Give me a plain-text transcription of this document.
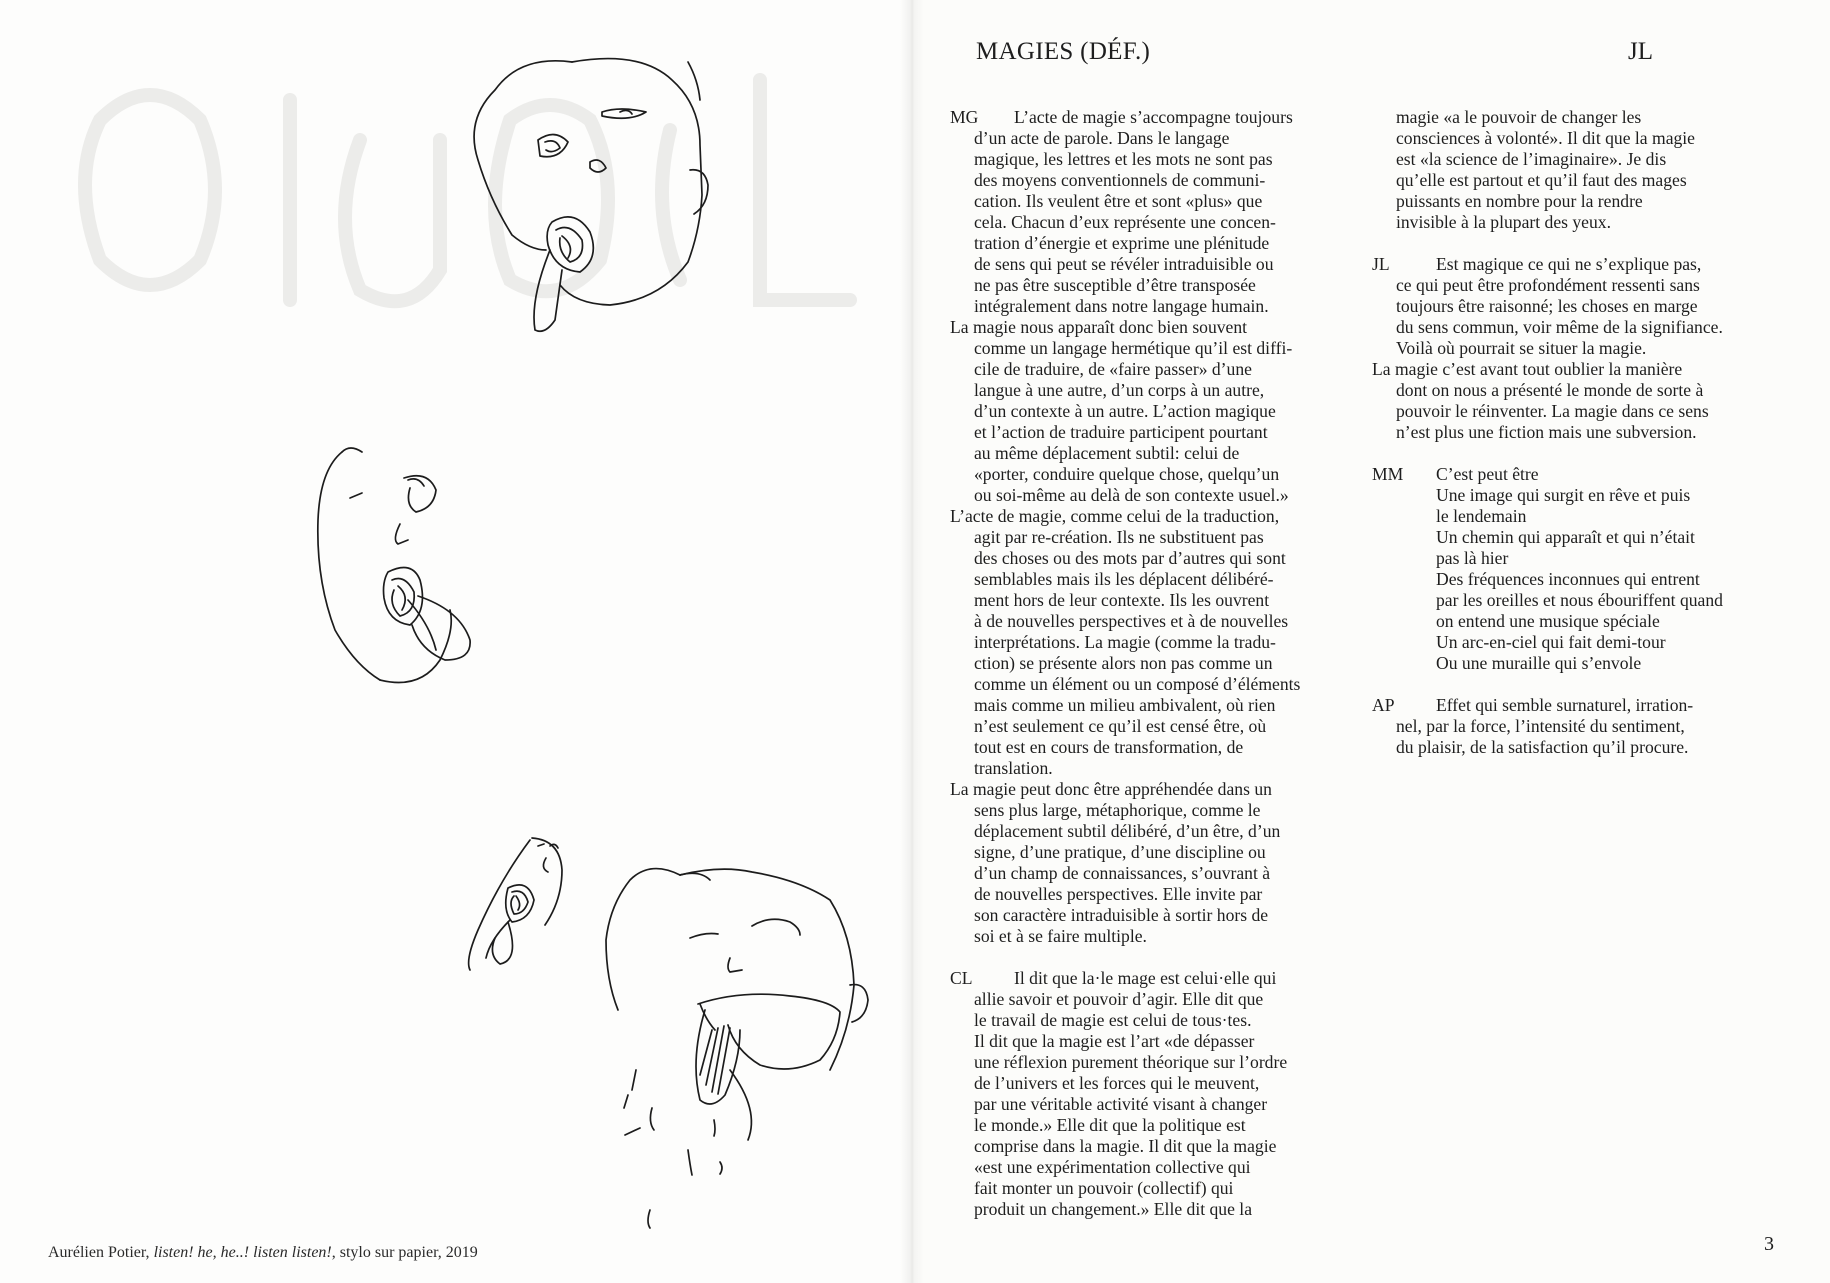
Aurélien Potier, listen! he, he..! listen listen!, stylo sur papier, 2019
MAGIES (DÉF.)	JL

MG L’acte de magie s’accompagne toujours
d’un acte de parole. Dans le langage
magique, les lettres et les mots ne sont pas
des moyens conventionnels de communi-
cation. Ils veulent être et sont «plus» que
cela. Chacun d’eux représente une concen-
tration d’énergie et exprime une plénitude
de sens qui peut se révéler intraduisible ou
ne pas être susceptible d’être transposée
intégralement dans notre langage humain.

La magie nous apparaît donc bien souvent
comme un langage hermétique qu’il est diffi-
cile de traduire, de «faire passer» d’une
langue à une autre, d’un corps à un autre,
d’un contexte à un autre. L’action magique
et l’action de traduire participent pourtant
au même déplacement subtil: celui de
«porter, conduire quelque chose, quelqu’un
ou soi-même au delà de son contexte usuel.»

L’acte de magie, comme celui de la traduction,
agit par re-création. Ils ne substituent pas
des choses ou des mots par d’autres qui sont
semblables mais ils les déplacent délibéré-
ment hors de leur contexte. Ils les ouvrent
à de nouvelles perspectives et à de nouvelles
interprétations. La magie (comme la tradu-
ction) se présente alors non pas comme un
comme un élément ou un composé d’éléments
mais comme un milieu ambivalent, où rien
n’est seulement ce qu’il est censé être, où
tout est en cours de transformation, de
translation.

La magie peut donc être appréhendée dans un
sens plus large, métaphorique, comme le
déplacement subtil délibéré, d’un être, d’un
signe, d’une pratique, d’une discipline ou
d’un champ de connaissances, s’ouvrant à
de nouvelles perspectives. Elle invite par
son caractère intraduisible à sortir hors de
soi et à se faire multiple.

CL Il dit que la·le mage est celui·elle qui
allie savoir et pouvoir d’agir. Elle dit que
le travail de magie est celui de tous·tes.
Il dit que la magie est l’art «de dépasser
une réflexion purement théorique sur l’ordre
de l’univers et les forces qui le meuvent,
par une véritable activité visant à changer
le monde.» Elle dit que la politique est
comprise dans la magie. Il dit que la magie
«est une expérimentation collective qui
fait monter un pouvoir (collectif) qui
produit un changement.» Elle dit que la

magie «a le pouvoir de changer les
consciences à volonté». Il dit que la magie
est «la science de l’imaginaire». Je dis
qu’elle est partout et qu’il faut des mages
puissants en nombre pour la rendre
invisible à la plupart des yeux.

JL	Est magique ce qui ne s’explique pas,
ce qui peut être profondément ressenti sans
toujours être raisonné; les choses en marge
du sens commun, voir même de la signifiance.
Voilà où pourrait se situer la magie.

La magie c’est avant tout oublier la manière
dont on nous a présenté le monde de sorte à
pouvoir le réinventer. La magie dans ce sens
n’est plus une fiction mais une subversion.

MM C’est peut être
Une image qui surgit en rêve et puis
le lendemain
Un chemin qui apparaît et qui n’était
pas là hier
Des fréquences inconnues qui entrent
par les oreilles et nous ébouriffent quand
on entend une musique spéciale
Un arc-en-ciel qui fait demi-tour
Ou une muraille qui s’envole

AP Effet qui semble surnaturel, irration-
nel, par la force, l’intensité du sentiment,
du plaisir, de la satisfaction qu’il procure.

3
